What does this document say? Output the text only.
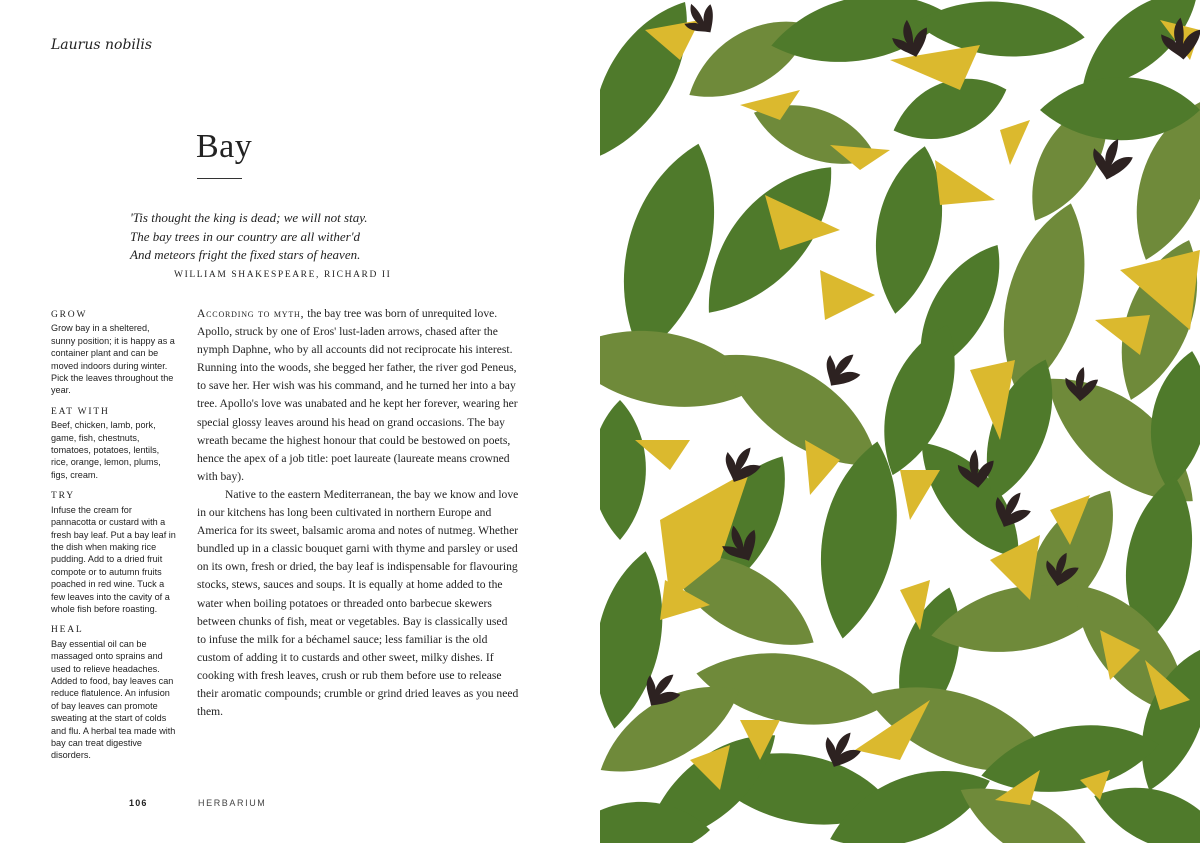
Laurus nobilis
Bay
'Tis thought the king is dead; we will not stay.
The bay trees in our country are all wither'd
And meteors fright the fixed stars of heaven.
WILLIAM SHAKESPEARE, RICHARD II
GROW

Grow bay in a sheltered, sunny position; it is happy as a container plant and can be moved indoors during winter. Pick the leaves throughout the year.

EAT WITH

Beef, chicken, lamb, pork, game, fish, chestnuts, tomatoes, potatoes, lentils, rice, orange, lemon, plums, figs, cream.

TRY

Infuse the cream for pannacotta or custard with a fresh bay leaf. Put a bay leaf in the dish when making rice pudding. Add to a dried fruit compote or to autumn fruits poached in red wine. Tuck a few leaves into the cavity of a whole fish before roasting.

HEAL

Bay essential oil can be massaged onto sprains and used to relieve headaches. Added to food, bay leaves can reduce flatulence. An infusion of bay leaves can promote sweating at the start of colds and flu. A herbal tea made with bay can treat digestive disorders.

According to myth, the bay tree was born of unrequited love. Apollo, struck by one of Eros' lust-laden arrows, chased after the nymph Daphne, who by all accounts did not reciprocate his interest. Running into the woods, she begged her father, the river god Peneus, to save her. Her wish was his command, and he turned her into a bay tree. Apollo's love was unabated and he kept her forever, wearing her special glossy leaves around his head on grand occasions. The bay wreath became the highest honour that could be bestowed on poets, hence the apex of a job title: poet laureate (laureate means crowned with bay).

Native to the eastern Mediterranean, the bay we know and love in our kitchens has long been cultivated in northern Europe and America for its sweet, balsamic aroma and notes of nutmeg. Whether bundled up in a classic bouquet garni with thyme and parsley or used on its own, fresh or dried, the bay leaf is indispensable for flavouring stocks, stews, sauces and soups. It is equally at home added to the water when boiling potatoes or threaded onto barbecue skewers between chunks of fish, meat or vegetables. Bay is classically used to infuse the milk for a béchamel sauce; less familiar is the old custom of adding it to custards and other sweet, milky dishes. If cooking with fresh leaves, crush or rub them before use to release their aromatic compounds; crumble or grind dried leaves as you need them.

106	HERBARIUM
